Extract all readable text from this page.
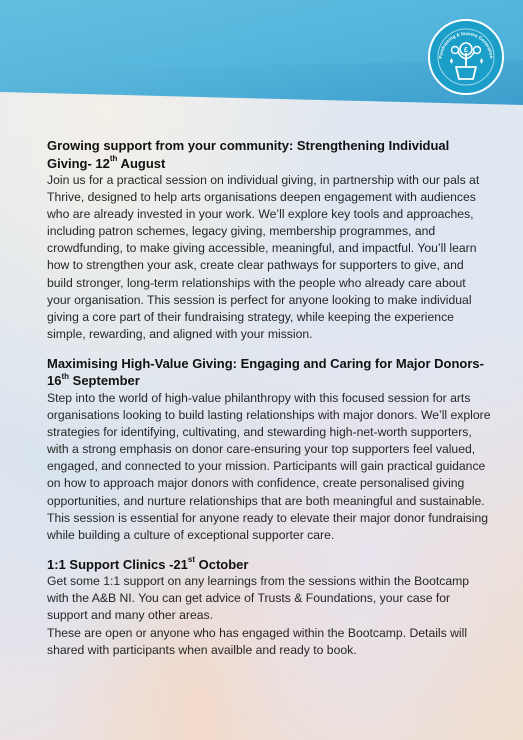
Fundraising & Income Generation
£

Growing support from your community: Strengthening Individual Giving- 12th August

Join us for a practical session on individual giving, in partnership with our pals at Thrive, designed to help arts organisations deepen engagement with audiences who are already invested in your work. We’ll explore key tools and approaches, including patron schemes, legacy giving, membership programmes, and crowdfunding, to make giving accessible, meaningful, and impactful. You’ll learn how to strengthen your ask, create clear pathways for supporters to give, and build stronger, long-term relationships with the people who already care about your organisation. This session is perfect for anyone looking to make individual giving a core part of their fundraising strategy, while keeping the experience simple, rewarding, and aligned with your mission.

Maximising High-Value Giving: Engaging and Caring for Major Donors- 16th September

Step into the world of high-value philanthropy with this focused session for arts organisations looking to build lasting relationships with major donors. We’ll explore strategies for identifying, cultivating, and stewarding high-net-worth supporters, with a strong emphasis on donor care-ensuring your top supporters feel valued, engaged, and connected to your mission. Participants will gain practical guidance on how to approach major donors with confidence, create personalised giving opportunities, and nurture relationships that are both meaningful and sustainable. This session is essential for anyone ready to elevate their major donor fundraising while building a culture of exceptional supporter care.

1:1 Support Clinics -21st October

Get some 1:1 support on any learnings from the sessions within the Bootcamp with the A&B NI. You can get advice of Trusts & Foundations, your case for support and many other areas.

These are open or anyone who has engaged within the Bootcamp. Details will shared with participants when availble and ready to book.
